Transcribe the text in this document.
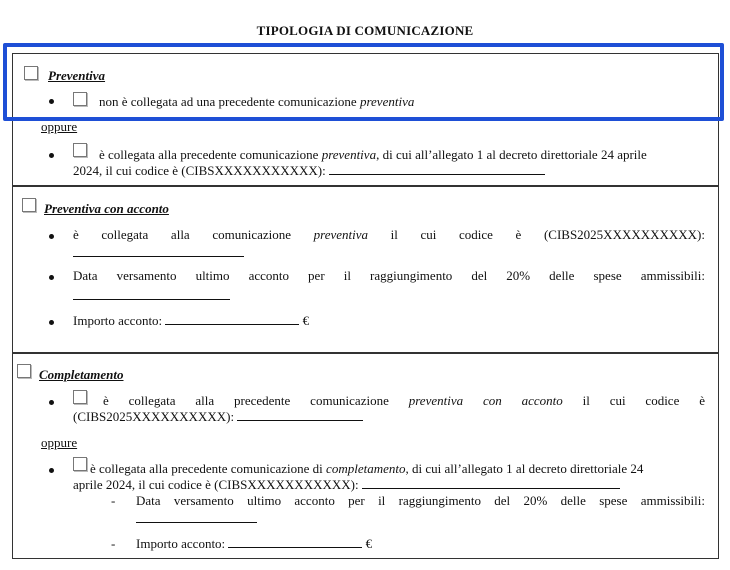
TIPOLOGIA DI COMUNICAZIONE
Preventiva
non è collegata ad una precedente comunicazione preventiva
oppure
è collegata alla precedente comunicazione preventiva, di cui all’allegato 1 al decreto direttoriale 24 aprile
2024, il cui codice è (CIBSXXXXXXXXXXX):
Preventiva con acconto
è collegata alla comunicazione preventiva il cui codice è (CIBS2025XXXXXXXXXX):
Data versamento ultimo acconto per il raggiungimento del 20% delle spese ammissibili:
Importo acconto:	€
Completamento
è collegata alla precedente comunicazione preventiva con acconto il cui codice è
(CIBS2025XXXXXXXXXX):
oppure
è collegata alla precedente comunicazione di completamento, di cui all’allegato 1 al decreto direttoriale 24
aprile 2024, il cui codice è (CIBSXXXXXXXXXXX):
- Data versamento ultimo acconto per il raggiungimento del 20% delle spese ammissibili:
- Importo acconto:	€
